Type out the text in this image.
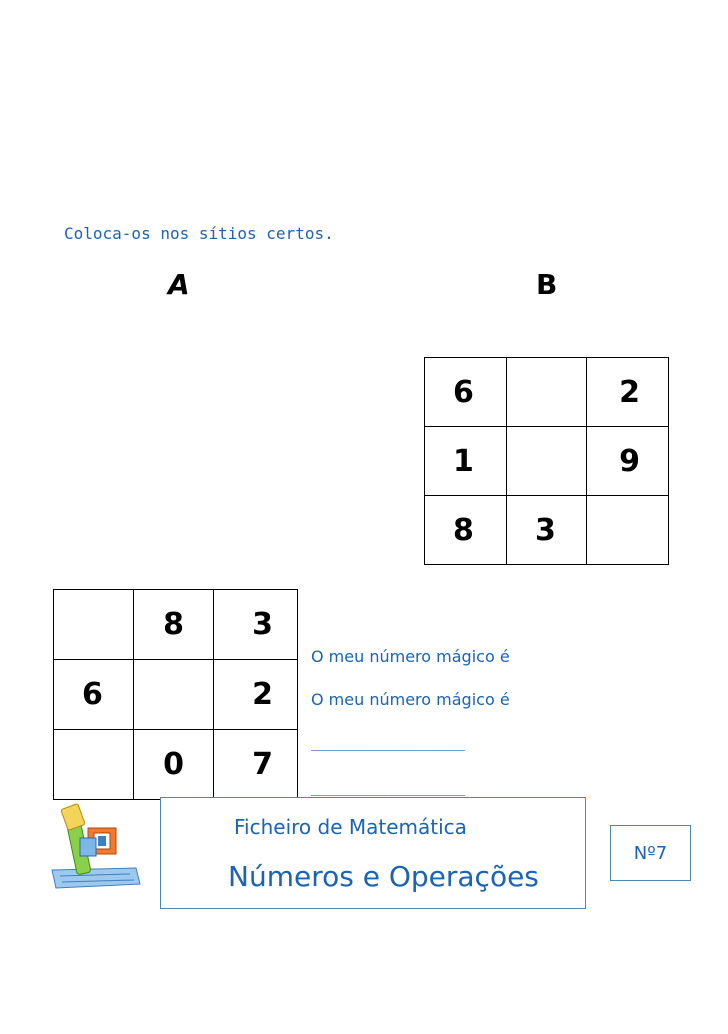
Coloca-os nos sítios certos.
A	B
6		2
1		9
8	3	
	8	3
6		2
	0	7
O meu número mágico é
O meu número mágico é
________________
________________
Ficheiro de Matemática
Números e Operações
Nº7
